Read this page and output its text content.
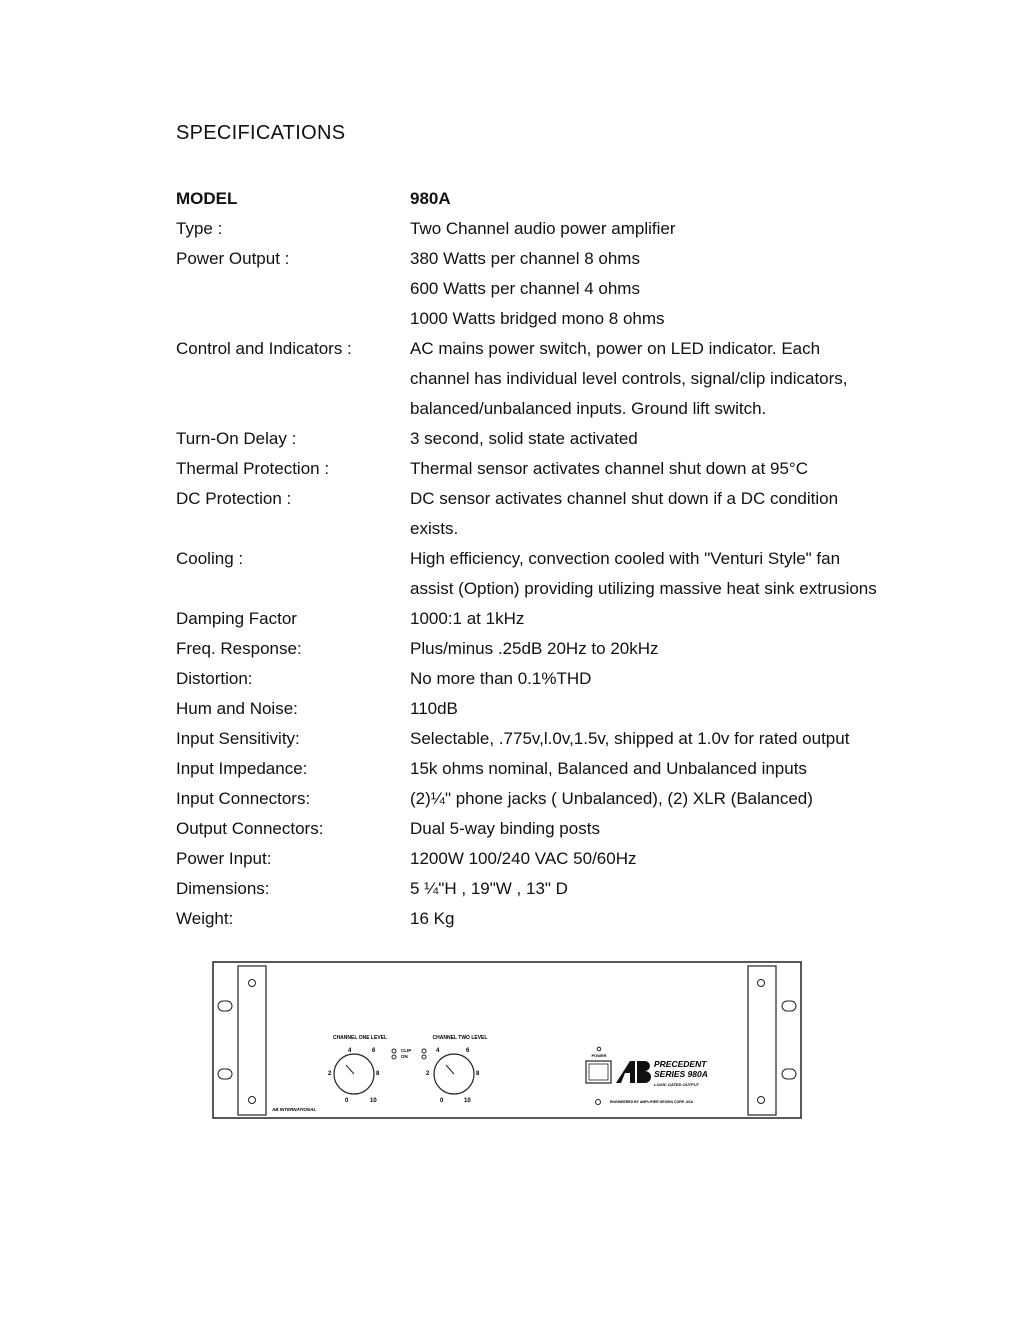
SPECIFICATIONS
MODEL	980A
Type :	Two Channel audio power amplifier
Power Output :	380 Watts per channel 8 ohms
600 Watts per channel 4 ohms
1000 Watts bridged mono 8 ohms
Control and Indicators :	AC mains power switch, power on LED indicator. Each
channel has individual level controls, signal/clip indicators,
balanced/unbalanced inputs. Ground lift switch.
Turn-On Delay :	3 second, solid state activated
Thermal Protection :	Thermal sensor activates channel shut down at 95°C
DC Protection :	DC sensor activates channel shut down if a DC condition
exists.
Cooling :	High efficiency, convection cooled with "Venturi Style" fan
assist (Option) providing utilizing massive heat sink extrusions
Damping Factor	1000:1 at 1kHz
Freq. Response:	Plus/minus .25dB 20Hz to 20kHz
Distortion:	No more than 0.1%THD
Hum and Noise:	110dB
Input Sensitivity:	Selectable, .775v,l.0v,1.5v, shipped at 1.0v for rated output
Input Impedance:	15k ohms nominal, Balanced and Unbalanced inputs
Input Connectors:	(2)¼" phone jacks ( Unbalanced), (2) XLR (Balanced)
Output Connectors:	Dual 5-way binding posts
Power Input:	1200W 100/240 VAC 50/60Hz
Dimensions:	5 ¼"H , 19"W , 13" D
Weight:	16 Kg
CHANNEL ONE LEVEL	CHANNEL TWO LEVEL
4	6
2	8
0	10
CLIP
ON
4	6
2	8
0	10
POWER
PRECEDENT
SERIES 980A
LOGIC GATED OUTPUT
ENGINEERED BY AMPLIFIER DESIGN CORP. USA
AB INTERNATIONAL
